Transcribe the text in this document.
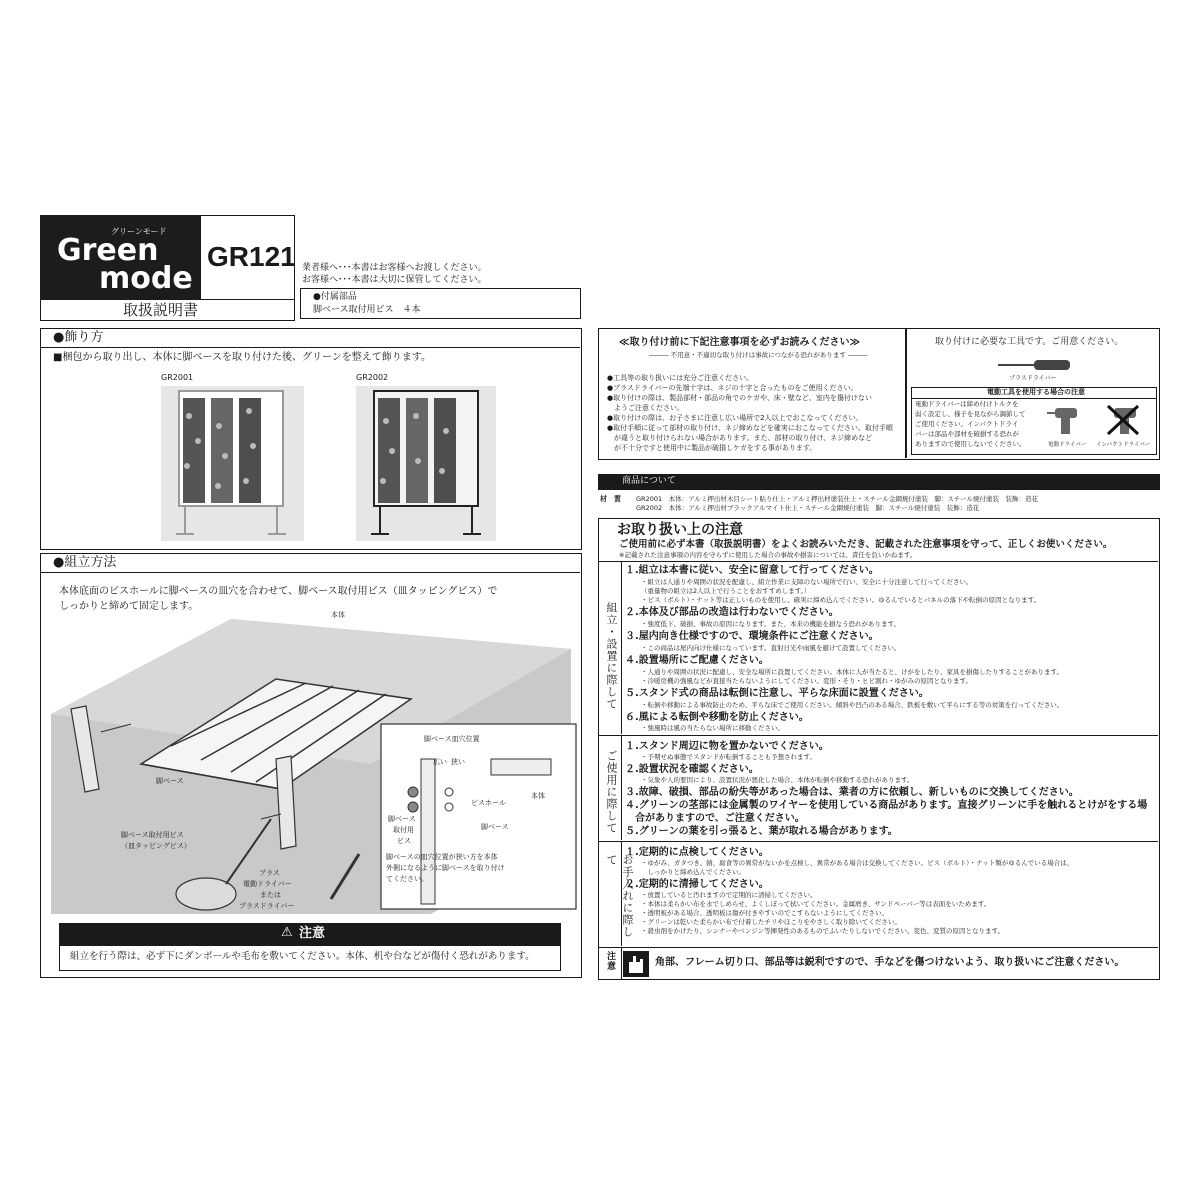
グリーンモード
Green
mode
GR121
取扱説明書
業者様へ･･･本書はお客様へお渡しください。
お客様へ･･･本書は大切に保管してください。
●付属部品
脚ベース取付用ビス　４本
●飾り方
■梱包から取り出し、本体に脚ベースを取り付けた後、グリーンを整えて飾ります。
GR2001	GR2002
●組立方法
本体底面のビスホールに脚ベースの皿穴を合わせて、脚ベース取付用ビス（皿タッピングビス）で
しっかりと締めて固定します。
本体
脚ベース
脚ベース取付用ビス
（皿タッピングビス）
プラス
電動ドライバー
または
プラスドライバー
脚ベース皿穴位置
広い 狭い
脚ベース
取付用
ビス
ビスホール
本体
脚ベース
脚ベースの皿穴位置が狭い方を本体
外側になるように脚ベースを取り付け
てください。
⚠ 注意
組立を行う際は、必ず下にダンボールや毛布を敷いてください。本体、机や台などが傷付く恐れがあります。
≪取り付け前に下記注意事項を必ずお読みください≫
――― 不用意・不適切な取り付けは事故につながる恐れがあります ―――
●工具等の取り扱いには充分ご注意ください。
●プラスドライバーの先端十字は、ネジの十字と合ったものをご使用ください。
●取り付けの際は、製品部材・部品の角でのケガや、床・壁など、室内を傷付けない
　ようご注意ください。
●取り付けの際は、お子さまに注意し広い場所で2人以上でおこなってください。
●取付手順に従って部材の取り付け、ネジ締めなどを確実におこなってください。取付手順
　が違うと取り付けられない場合があります。また、部材の取り付け、ネジ締めなど
　が不十分ですと使用中に製品が破損しケガをする事があります。
取り付けに必要な工具です。ご用意ください。
プラスドライバー
電動工具を使用する場合の注意
電動ドライバーは締め付けトルクを
弱く設定し、様子を見ながら調節して
ご使用ください。インパクトドライ
バーは部品や部材を破損する恐れが
ありますので使用しないでください。	電動ドライバー インパクトドライバー
商品について
材　質 GR2001　本体：アルミ押出材木目シート貼り仕上・アルミ押出材塗装仕上・スチール金網焼付塗装　脚：スチール焼付塗装　装飾：造花
GR2002　本体：アルミ押出材ブラックアルマイト仕上・スチール金網焼付塗装　脚：スチール焼付塗装　装飾：造花
お取り扱い上の注意
ご使用前に必ず本書（取扱説明書）をよくお読みいただき、記載された注意事項を守って、正しくお使いください。
※記載された注意事項の内容を守らずに使用した場合の事故や損害については、責任を負いかねます。
組立・設置に際して
１.組立は本書に従い、安全に留意して行ってください。
・組立は人通りや周囲の状況を配慮し、組立作業に支障のない場所で行い、安全に十分注意して行ってください。
（重量物の組立は2人以上で行うことをおすすめします。）
・ビス（ボルト）・ナット等は正しいものを使用し、確実に締め込んでください。ゆるんでいるとパネルの落下や転倒の原因となります。
２.本体及び部品の改造は行わないでください。
・強度低下、破損、事故の原因になります。また、本来の機能を損なう恐れがあります。
３.屋内向き仕様ですので、環境条件にご注意ください。
・この商品は屋内向け仕様になっています。直射日光や雨風を避けて設置してください。
４.設置場所にご配慮ください。
・人通りや周囲の状況に配慮し、安全な場所に設置してください。本体に人が当たると、けがをしたり、家具を損傷したりすることがあります。
・冷暖房機の強風などが直接当たらないようにしてください。変形・そり・ヒビ割れ・ゆがみの原因となります。
５.スタンド式の商品は転倒に注意し、平らな床面に設置ください。
・転倒や移動による事故防止のため、平らな床でご使用ください。傾斜や凹凸のある場合、鉄板を敷いて平らにする等の対策を行ってください。
６.風による転倒や移動を防止ください。
・強風時は風の当たらない場所に移動ください。
ご使用に際して
１.スタンド周辺に物を置かないでください。
・予期せぬ事態でスタンドが転倒することも予想されます。
２.設置状況を確認ください。
・気象や人的要因により、設置状況が悪化した場合、本体が転倒や移動する恐れがあります。
３.故障、破損、部品の紛失等があった場合は、業者の方に依頼し、新しいものに交換してください。
４.グリーンの茎部には金属製のワイヤーを使用している商品があります。直接グリーンに手を触れるとけがをする場
　合がありますので、ご注意ください。
５.グリーンの葉を引っ張ると、葉が取れる場合があります。
お手入れに際して
１.定期的に点検してください。
・ゆがみ、ガタつき、錆、腐食等の異常がないかを点検し、異常がある場合は交換してください。ビス（ボルト）・ナット類がゆるんでいる場合は、
　しっかりと締め込んでください。
２.定期的に清掃してください。
・放置していると汚れますので定期的に清掃してください。
・本体は柔らかい布を水でしめらせ、よくしぼって拭いてください。金属磨き、サンドペーパー等は表面をいためます。
・透明板がある場合、透明板は傷が付きやすいのでこすらないようにしてください。
・グリーンは乾いた柔らかい布で付着したチリやほこりをやさしく取り除いてください。
・殺虫剤をかけたり、シンナーやベンジン等揮発性のあるものでふいたりしないでください。変色、変質の原因となります。
注意	角部、フレーム切り口、部品等は鋭利ですので、手などを傷つけないよう、取り扱いにご注意ください。
